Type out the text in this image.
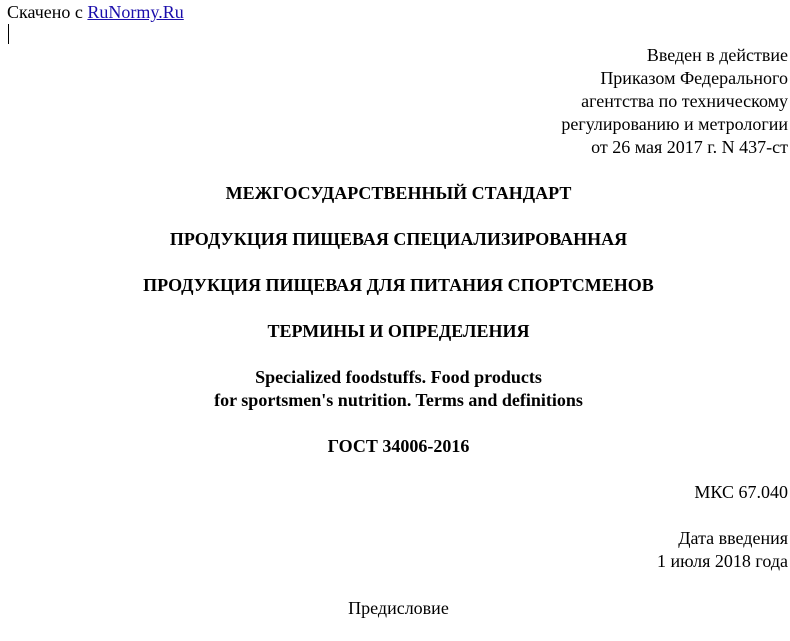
Скачено с RuNormy.Ru
Введен в действие
Приказом Федерального
агентства по техническому
регулированию и метрологии
от 26 мая 2017 г. N 437-ст
МЕЖГОСУДАРСТВЕННЫЙ СТАНДАРТ
ПРОДУКЦИЯ ПИЩЕВАЯ СПЕЦИАЛИЗИРОВАННАЯ
ПРОДУКЦИЯ ПИЩЕВАЯ ДЛЯ ПИТАНИЯ СПОРТСМЕНОВ
ТЕРМИНЫ И ОПРЕДЕЛЕНИЯ
Specialized foodstuffs. Food products
for sportsmen's nutrition. Terms and definitions
ГОСТ 34006-2016
МКС 67.040
Дата введения
1 июля 2018 года
Предисловие
